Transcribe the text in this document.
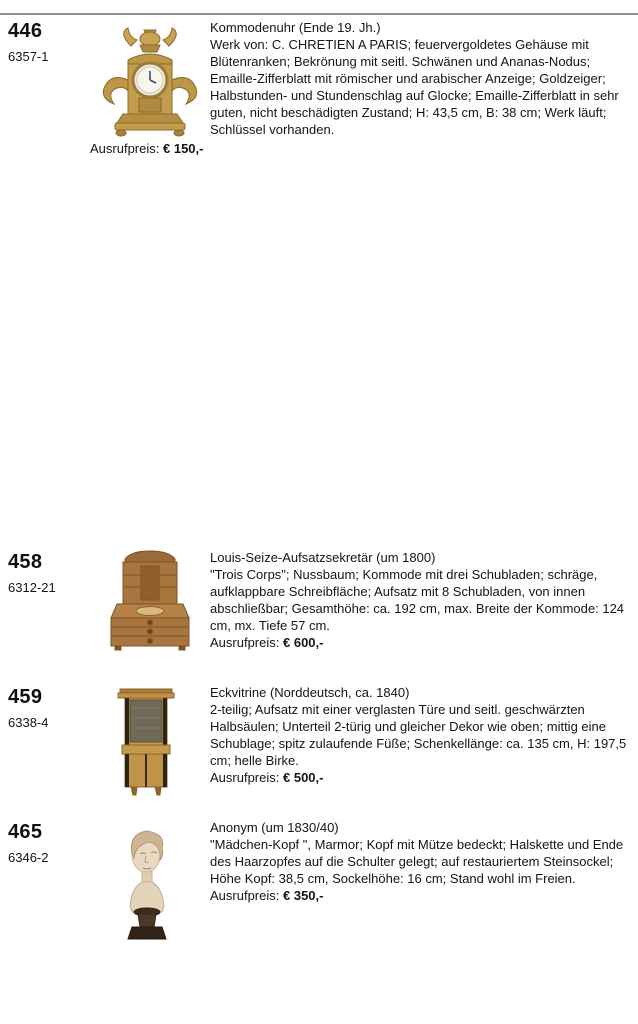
446
6357-1
Kommodenuhr (Ende 19. Jh.)
Werk von: C. CHRETIEN A PARIS; feuervergoldetes Gehäuse mit Blütenranken; Bekrönung mit seitl. Schwänen und Ananas-Nodus; Emaille-Zifferblatt mit römischer und arabischer Anzeige; Goldzeiger; Halbstunden- und Stundenschlag auf Glocke; Emaille-Zifferblatt in sehr guten, nicht beschädigten Zustand; H: 43,5 cm, B: 38 cm; Werk läuft; Schlüssel vorhanden.
Ausrufpreis: € 150,-
458
6312-21
Louis-Seize-Aufsatzsekretär (um 1800)
"Trois Corps"; Nussbaum; Kommode mit drei Schubladen; schräge, aufklappbare Schreibfläche; Aufsatz mit 8 Schubladen, von innen abschließbar; Gesamthöhe: ca. 192 cm, max. Breite der Kommode: 124 cm, mx. Tiefe 57 cm.
Ausrufpreis: € 600,-
459
6338-4
Eckvitrine (Norddeutsch, ca. 1840)
2-teilig; Aufsatz mit einer verglasten Türe und seitl. geschwärzten Halbsäulen; Unterteil 2-türig und gleicher Dekor wie oben; mittig eine Schublage; spitz zulaufende Füße; Schenkellänge: ca. 135 cm, H: 197,5 cm; helle Birke.
Ausrufpreis: € 500,-
465
6346-2
Anonym (um 1830/40)
"Mädchen-Kopf ", Marmor; Kopf mit Mütze bedeckt; Halskette und Ende des Haarzopfes auf die Schulter gelegt; auf restauriertem Steinsockel; Höhe Kopf: 38,5 cm, Sockelhöhe: 16 cm; Stand wohl im Freien.
Ausrufpreis: € 350,-
